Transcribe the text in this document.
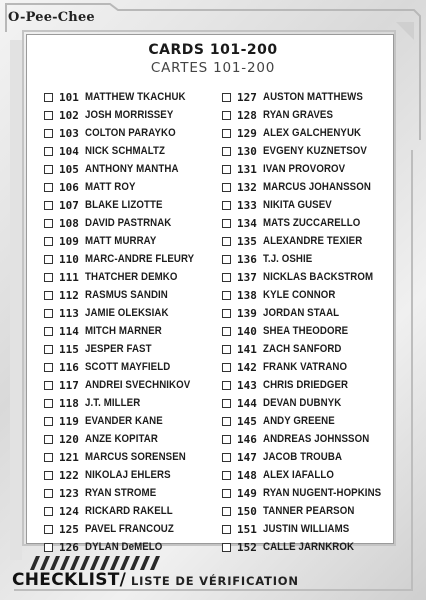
O-Pee-Chee
CARDS 101-200
CARTES 101-200
101 MATTHEW TKACHUK
102 JOSH MORRISSEY
103 COLTON PARAYKO
104 NICK SCHMALTZ
105 ANTHONY MANTHA
106 MATT ROY
107 BLAKE LIZOTTE
108 DAVID PASTRNAK
109 MATT MURRAY
110 MARC-ANDRE FLEURY
111 THATCHER DEMKO
112 RASMUS SANDIN
113 JAMIE OLEKSIAK
114 MITCH MARNER
115 JESPER FAST
116 SCOTT MAYFIELD
117 ANDREI SVECHNIKOV
118 J.T. MILLER
119 EVANDER KANE
120 ANZE KOPITAR
121 MARCUS SORENSEN
122 NIKOLAJ EHLERS
123 RYAN STROME
124 RICKARD RAKELL
125 PAVEL FRANCOUZ
126 DYLAN DeMELO
127 AUSTON MATTHEWS
128 RYAN GRAVES
129 ALEX GALCHENYUK
130 EVGENY KUZNETSOV
131 IVAN PROVOROV
132 MARCUS JOHANSSON
133 NIKITA GUSEV
134 MATS ZUCCARELLO
135 ALEXANDRE TEXIER
136 T.J. OSHIE
137 NICKLAS BACKSTROM
138 KYLE CONNOR
139 JORDAN STAAL
140 SHEA THEODORE
141 ZACH SANFORD
142 FRANK VATRANO
143 CHRIS DRIEDGER
144 DEVAN DUBNYK
145 ANDY GREENE
146 ANDREAS JOHNSSON
147 JACOB TROUBA
148 ALEX IAFALLO
149 RYAN NUGENT-HOPKINS
150 TANNER PEARSON
151 JUSTIN WILLIAMS
152 CALLE JARNKROK
CHECKLIST/ LISTE DE VÉRIFICATION
